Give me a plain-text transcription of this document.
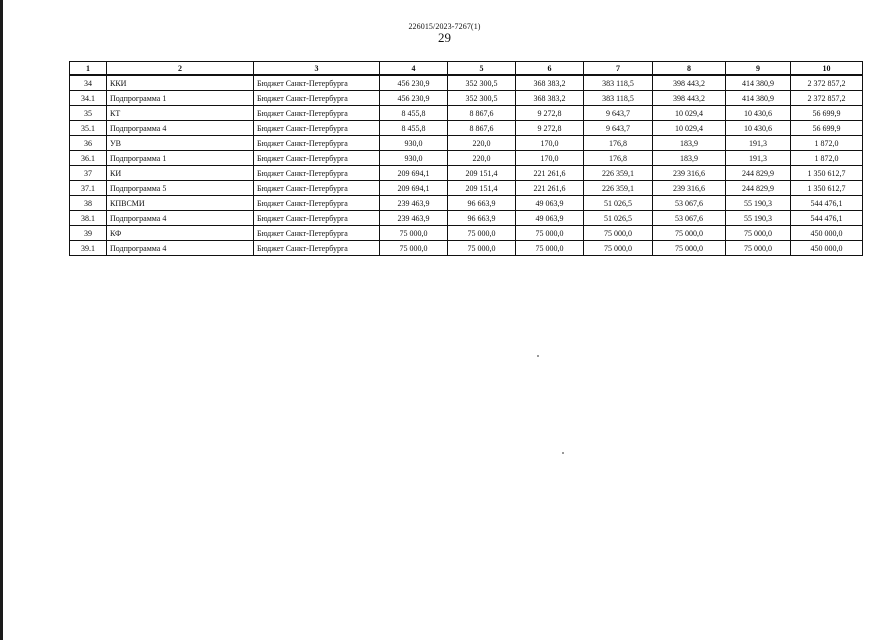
226015/2023-7267(1)
29
1	2	3	4	5	6	7	8	9	10
34	ККИ	Бюджет Санкт-Петербурга	456 230,9	352 300,5	368 383,2	383 118,5	398 443,2	414 380,9	2 372 857,2
34.1	Подпрограмма 1	Бюджет Санкт-Петербурга	456 230,9	352 300,5	368 383,2	383 118,5	398 443,2	414 380,9	2 372 857,2
35	КТ	Бюджет Санкт-Петербурга	8 455,8	8 867,6	9 272,8	9 643,7	10 029,4	10 430,6	56 699,9
35.1	Подпрограмма 4	Бюджет Санкт-Петербурга	8 455,8	8 867,6	9 272,8	9 643,7	10 029,4	10 430,6	56 699,9
36	УВ	Бюджет Санкт-Петербурга	930,0	220,0	170,0	176,8	183,9	191,3	1 872,0
36.1	Подпрограмма 1	Бюджет Санкт-Петербурга	930,0	220,0	170,0	176,8	183,9	191,3	1 872,0
37	КИ	Бюджет Санкт-Петербурга	209 694,1	209 151,4	221 261,6	226 359,1	239 316,6	244 829,9	1 350 612,7
37.1	Подпрограмма 5	Бюджет Санкт-Петербурга	209 694,1	209 151,4	221 261,6	226 359,1	239 316,6	244 829,9	1 350 612,7
38	КПВСМИ	Бюджет Санкт-Петербурга	239 463,9	96 663,9	49 063,9	51 026,5	53 067,6	55 190,3	544 476,1
38.1	Подпрограмма 4	Бюджет Санкт-Петербурга	239 463,9	96 663,9	49 063,9	51 026,5	53 067,6	55 190,3	544 476,1
39	КФ	Бюджет Санкт-Петербурга	75 000,0	75 000,0	75 000,0	75 000,0	75 000,0	75 000,0	450 000,0
39.1	Подпрограмма 4	Бюджет Санкт-Петербурга	75 000,0	75 000,0	75 000,0	75 000,0	75 000,0	75 000,0	450 000,0
